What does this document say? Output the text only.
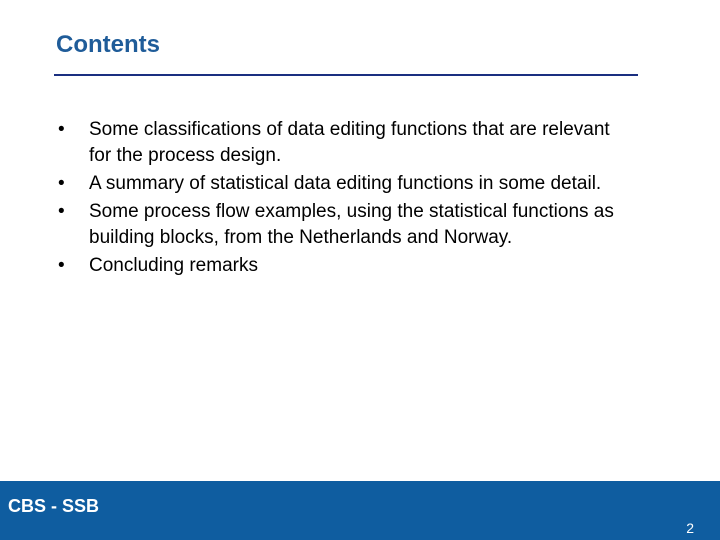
Contents
• Some classifications of data editing functions that are relevant for the process design.
• A summary of statistical data editing functions in some detail.
• Some process flow examples, using the statistical functions as building blocks, from the Netherlands and Norway.
• Concluding remarks
CBS - SSB
2
